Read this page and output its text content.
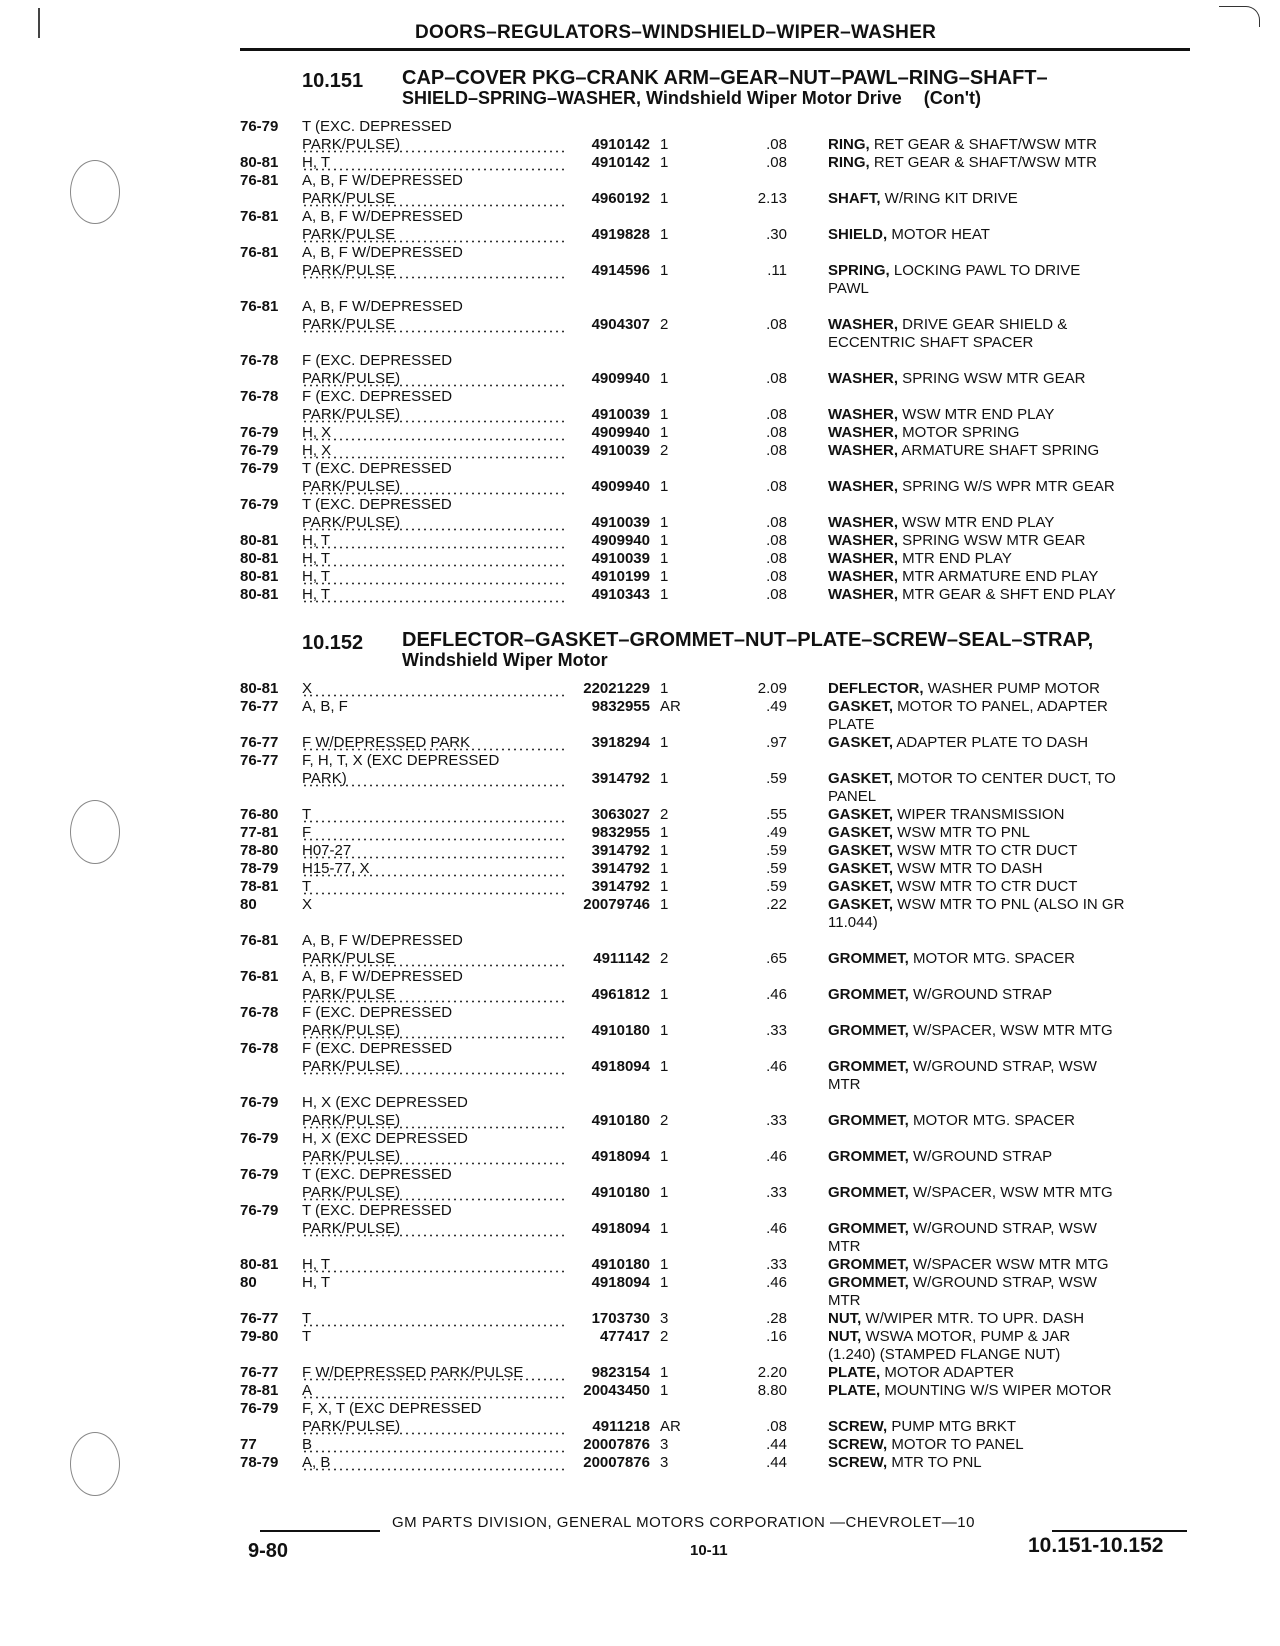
DOORS–REGULATORS–WINDSHIELD–WIPER–WASHER
10.151 CAP–COVER PKG–CRANK ARM–GEAR–NUT–PAWL–RING–SHAFT–
SHIELD–SPRING–WASHER, Windshield Wiper Motor Drive (Con't)
76-79	T (EXC. DEPRESSED
PARK/PULSE)	4910142 1	.08	RING, RET GEAR & SHAFT/WSW MTR
80-81	H, T	4910142 1	.08	RING, RET GEAR & SHAFT/WSW MTR
76-81	A, B, F W/DEPRESSED
PARK/PULSE	4960192 1	2.13	SHAFT, W/RING KIT DRIVE
76-81	A, B, F W/DEPRESSED
PARK/PULSE	4919828 1	.30	SHIELD, MOTOR HEAT
76-81	A, B, F W/DEPRESSED
PARK/PULSE	4914596 1	.11	SPRING, LOCKING PAWL TO DRIVE
PAWL
76-81	A, B, F W/DEPRESSED
PARK/PULSE	4904307 2	.08	WASHER, DRIVE GEAR SHIELD &
ECCENTRIC SHAFT SPACER
76-78	F (EXC. DEPRESSED
PARK/PULSE)	4909940 1	.08	WASHER, SPRING WSW MTR GEAR
76-78	F (EXC. DEPRESSED
PARK/PULSE)	4910039 1	.08	WASHER, WSW MTR END PLAY
76-79	H, X	4909940 1	.08	WASHER, MOTOR SPRING
76-79	H, X	4910039 2	.08	WASHER, ARMATURE SHAFT SPRING
76-79	T (EXC. DEPRESSED
PARK/PULSE)	4909940 1	.08	WASHER, SPRING W/S WPR MTR GEAR
76-79	T (EXC. DEPRESSED
PARK/PULSE)	4910039 1	.08	WASHER, WSW MTR END PLAY
80-81	H, T	4909940 1	.08	WASHER, SPRING WSW MTR GEAR
80-81	H, T	4910039 1	.08	WASHER, MTR END PLAY
80-81	H, T	4910199 1	.08	WASHER, MTR ARMATURE END PLAY
80-81	H, T	4910343 1	.08	WASHER, MTR GEAR & SHFT END PLAY
10.152 DEFLECTOR–GASKET–GROMMET–NUT–PLATE–SCREW–SEAL–STRAP,
Windshield Wiper Motor
80-81	X	22021229 1	2.09	DEFLECTOR, WASHER PUMP MOTOR
76-77	A, B, F	9832955 AR	.49	GASKET, MOTOR TO PANEL, ADAPTER
PLATE
76-77	F W/DEPRESSED PARK	3918294 1	.97	GASKET, ADAPTER PLATE TO DASH
76-77	F, H, T, X (EXC DEPRESSED
PARK)	3914792 1	.59	GASKET, MOTOR TO CENTER DUCT, TO
PANEL
76-80	T	3063027 2	.55	GASKET, WIPER TRANSMISSION
77-81	F	9832955 1	.49	GASKET, WSW MTR TO PNL
78-80	H07-27	3914792 1	.59	GASKET, WSW MTR TO CTR DUCT
78-79	H15-77, X	3914792 1	.59	GASKET, WSW MTR TO DASH
78-81	T	3914792 1	.59	GASKET, WSW MTR TO CTR DUCT
80	X	20079746 1	.22	GASKET, WSW MTR TO PNL (ALSO IN GR
11.044)
76-81	A, B, F W/DEPRESSED
PARK/PULSE	4911142 2	.65	GROMMET, MOTOR MTG. SPACER
76-81	A, B, F W/DEPRESSED
PARK/PULSE	4961812 1	.46	GROMMET, W/GROUND STRAP
76-78	F (EXC. DEPRESSED
PARK/PULSE)	4910180 1	.33	GROMMET, W/SPACER, WSW MTR MTG
76-78	F (EXC. DEPRESSED
PARK/PULSE)	4918094 1	.46	GROMMET, W/GROUND STRAP, WSW
MTR
76-79	H, X (EXC DEPRESSED
PARK/PULSE)	4910180 2	.33	GROMMET, MOTOR MTG. SPACER
76-79	H, X (EXC DEPRESSED
PARK/PULSE)	4918094 1	.46	GROMMET, W/GROUND STRAP
76-79	T (EXC. DEPRESSED
PARK/PULSE)	4910180 1	.33	GROMMET, W/SPACER, WSW MTR MTG
76-79	T (EXC. DEPRESSED
PARK/PULSE)	4918094 1	.46	GROMMET, W/GROUND STRAP, WSW
MTR
80-81	H, T	4910180 1	.33	GROMMET, W/SPACER WSW MTR MTG
80	H, T	4918094 1	.46	GROMMET, W/GROUND STRAP, WSW
MTR
76-77	T	1703730 3	.28	NUT, W/WIPER MTR. TO UPR. DASH
79-80	T	477417 2	.16	NUT, WSWA MOTOR, PUMP & JAR
(1.240) (STAMPED FLANGE NUT)
76-77	F W/DEPRESSED PARK/PULSE	9823154 1	2.20	PLATE, MOTOR ADAPTER
78-81	A	20043450 1	8.80	PLATE, MOUNTING W/S WIPER MOTOR
76-79	F, X, T (EXC DEPRESSED
PARK/PULSE)	4911218 AR	.08	SCREW, PUMP MTG BRKT
77	B	20007876 3	.44	SCREW, MOTOR TO PANEL
78-79	A, B	20007876 3	.44	SCREW, MTR TO PNL
GM PARTS DIVISION, GENERAL MOTORS CORPORATION —CHEVROLET—10
9-80	10-11	10.151-10.152
